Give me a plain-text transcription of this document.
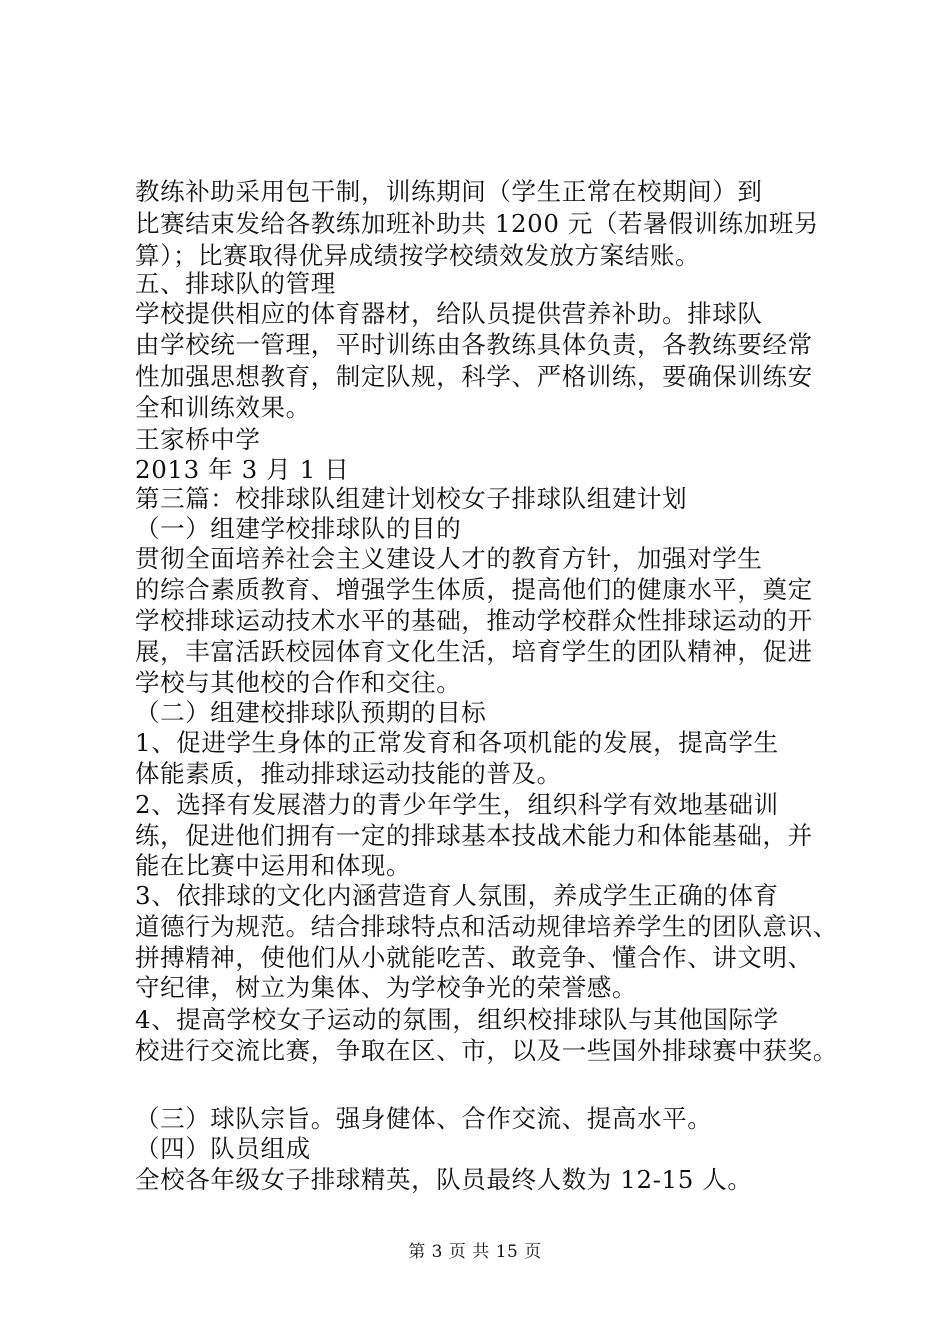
教练补助采用包干制，训练期间（学生正常在校期间）到
比赛结束发给各教练加班补助共 1200 元（若暑假训练加班另
算）；比赛取得优异成绩按学校绩效发放方案结账。
五、排球队的管理
学校提供相应的体育器材，给队员提供营养补助。排球队
由学校统一管理，平时训练由各教练具体负责，各教练要经常
性加强思想教育，制定队规，科学、严格训练，要确保训练安
全和训练效果。
王家桥中学
2013 年 3 月 1 日
第三篇：校排球队组建计划校女子排球队组建计划
（一）组建学校排球队的目的
贯彻全面培养社会主义建设人才的教育方针，加强对学生
的综合素质教育、增强学生体质，提高他们的健康水平，奠定
学校排球运动技术水平的基础，推动学校群众性排球运动的开
展，丰富活跃校园体育文化生活，培育学生的团队精神，促进
学校与其他校的合作和交往。
（二）组建校排球队预期的目标
1、促进学生身体的正常发育和各项机能的发展，提高学生
体能素质，推动排球运动技能的普及。
2、选择有发展潜力的青少年学生，组织科学有效地基础训
练，促进他们拥有一定的排球基本技战术能力和体能基础，并
能在比赛中运用和体现。
3、依排球的文化内涵营造育人氛围，养成学生正确的体育
道德行为规范。结合排球特点和活动规律培养学生的团队意识、
拼搏精神，使他们从小就能吃苦、敢竞争、懂合作、讲文明、
守纪律，树立为集体、为学校争光的荣誉感。
4、提高学校女子运动的氛围，组织校排球队与其他国际学
校进行交流比赛，争取在区、市，以及一些国外排球赛中获奖。
（三）球队宗旨。强身健体、合作交流、提高水平。
（四）队员组成
全校各年级女子排球精英，队员最终人数为 12-15 人。
第 3 页 共 15 页
